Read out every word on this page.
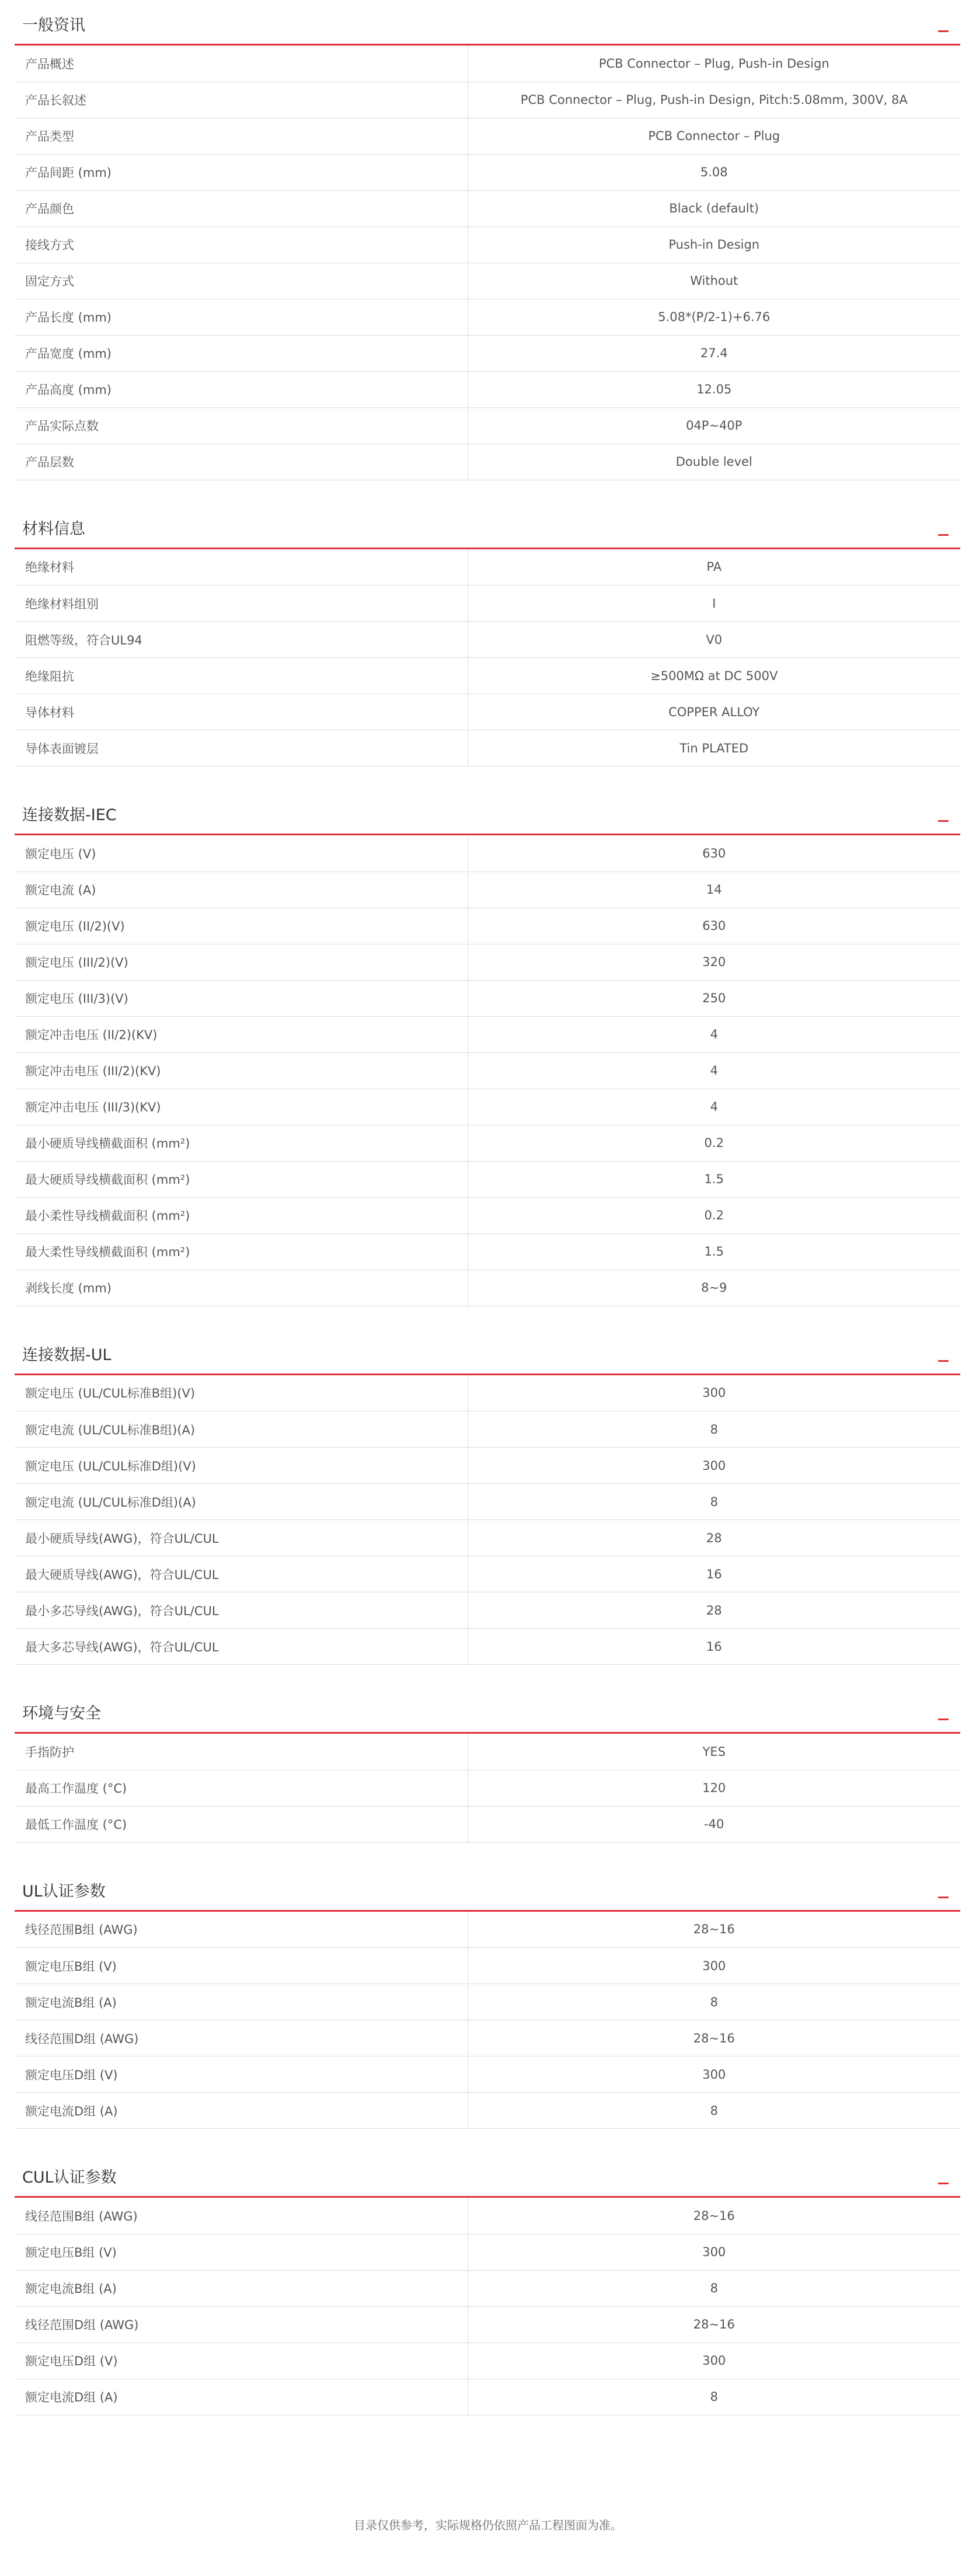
一般资讯
产品概述	PCB Connector – Plug, Push-in Design
产品长叙述	PCB Connector – Plug, Push-in Design, Pitch:5.08mm, 300V, 8A
产品类型	PCB Connector – Plug
产品间距 (mm)	5.08
产品颜色	Black (default)
接线方式	Push-in Design
固定方式	Without
产品长度 (mm)	5.08*(P/2-1)+6.76
产品宽度 (mm)	27.4
产品高度 (mm)	12.05
产品实际点数	04P~40P
产品层数	Double level
材料信息
绝缘材料	PA
绝缘材料组别	I
阻燃等级，符合UL94	V0
绝缘阻抗	≥500MΩ at DC 500V
导体材料	COPPER ALLOY
导体表面镀层	Tin PLATED
连接数据-IEC
额定电压 (V)	630
额定电流 (A)	14
额定电压 (II/2)(V)	630
额定电压 (III/2)(V)	320
额定电压 (III/3)(V)	250
额定冲击电压 (II/2)(KV)	4
额定冲击电压 (III/2)(KV)	4
额定冲击电压 (III/3)(KV)	4
最小硬质导线横截面积 (mm²)	0.2
最大硬质导线横截面积 (mm²)	1.5
最小柔性导线横截面积 (mm²)	0.2
最大柔性导线横截面积 (mm²)	1.5
剥线长度 (mm)	8~9
连接数据-UL
额定电压 (UL/CUL标准B组)(V)	300
额定电流 (UL/CUL标准B组)(A)	8
额定电压 (UL/CUL标准D组)(V)	300
额定电流 (UL/CUL标准D组)(A)	8
最小硬质导线(AWG)，符合UL/CUL	28
最大硬质导线(AWG)，符合UL/CUL	16
最小多芯导线(AWG)，符合UL/CUL	28
最大多芯导线(AWG)，符合UL/CUL	16
环境与安全
手指防护	YES
最高工作温度 (°C)	120
最低工作温度 (°C)	-40
UL认证参数
线径范围B组 (AWG)	28~16
额定电压B组 (V)	300
额定电流B组 (A)	8
线径范围D组 (AWG)	28~16
额定电压D组 (V)	300
额定电流D组 (A)	8
CUL认证参数
线径范围B组 (AWG)	28~16
额定电压B组 (V)	300
额定电流B组 (A)	8
线径范围D组 (AWG)	28~16
额定电压D组 (V)	300
额定电流D组 (A)	8
目录仅供参考，实际规格仍依照产品工程图面为准。
